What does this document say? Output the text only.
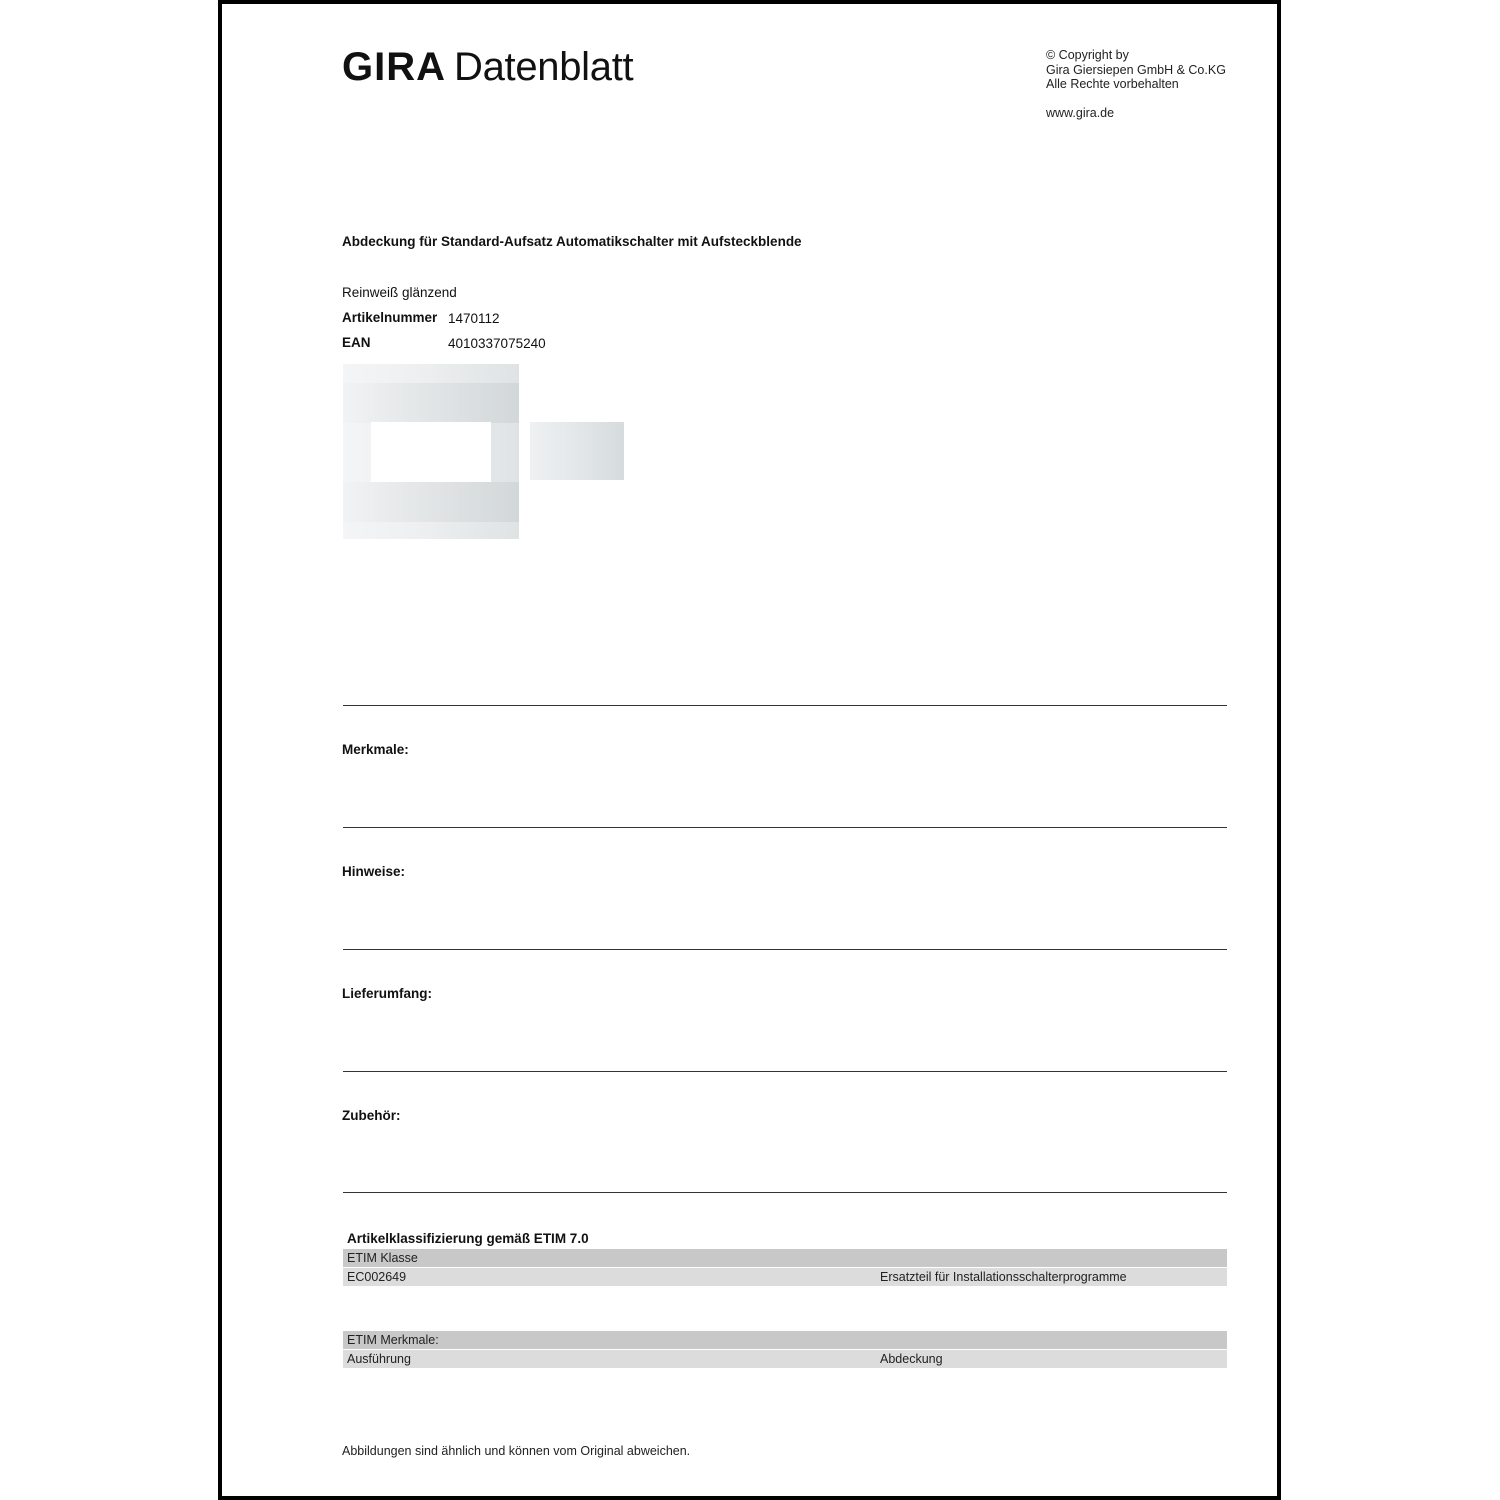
GIRA Datenblatt	© Copyright by
Gira Giersiepen GmbH & Co.KG
Alle Rechte vorbehalten
www.gira.de
Abdeckung für Standard-Aufsatz Automatikschalter mit Aufsteckblende
Reinweiß glänzend
Artikelnummer 1470112
EAN	4010337075240
Merkmale:
Hinweise:
Lieferumfang:
Zubehör:
Artikelklassifizierung gemäß ETIM 7.0
ETIM Klasse
EC002649	Ersatzteil für Installationsschalterprogramme
ETIM Merkmale:
Ausführung	Abdeckung
Abbildungen sind ähnlich und können vom Original abweichen.
